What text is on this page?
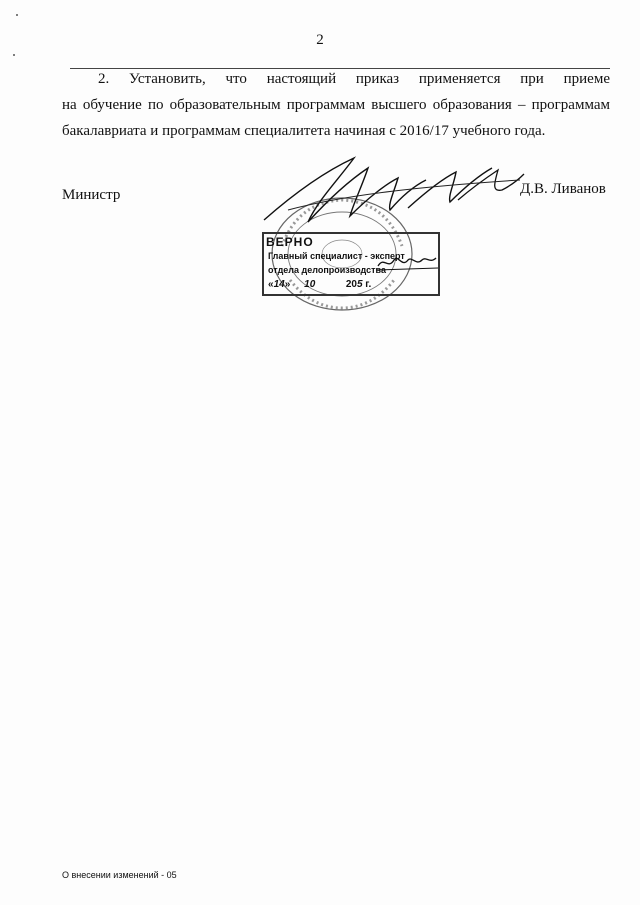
2
2. Установить, что настоящий приказ применяется при приеме
на обучение по образовательным программам высшего образования – программам бакалавриата и программам специалитета начиная с 2016/17 учебного года.
Министр
ВЕРНО
Главный специалист - эксперт
отдела делопроизводства
«14»     10	205 г.
Д.В. Ливанов
О внесении изменений - 05
